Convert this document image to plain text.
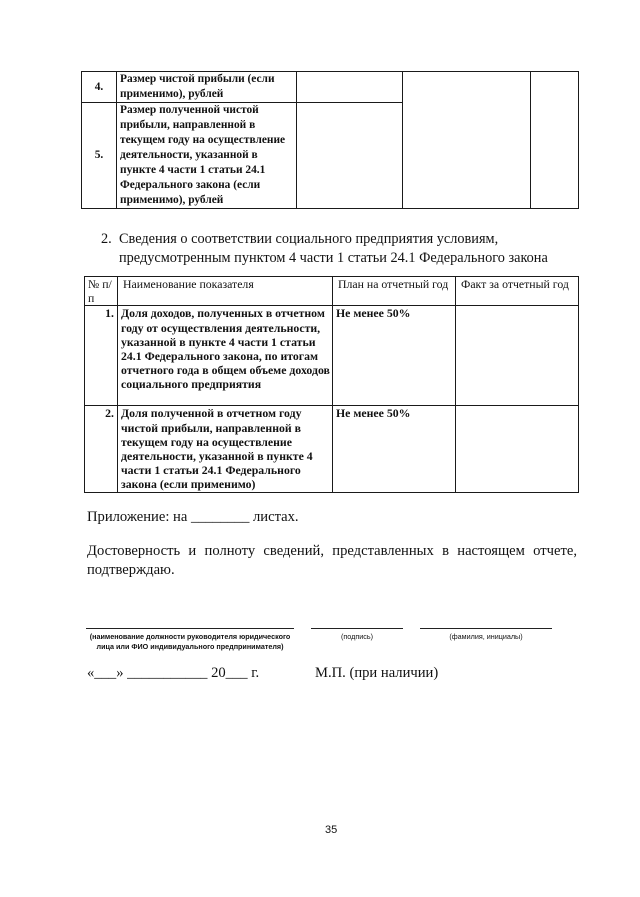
4.	Размер чистой прибыли (если применимо), рублей			
5.	Размер полученной чистой прибыли, направленной в текущем году на осуществление деятельности, указанной в пункте 4 части 1 статьи 24.1 Федерального закона (если применимо), рублей			
2. Сведения о соответствии социального предприятия условиям,
предусмотренным пунктом 4 части 1 статьи 24.1 Федерального закона
№ п/п	Наименование показателя	План на отчетный год	Факт за отчетный год
1.	Доля доходов, полученных в отчетном году от осуществления деятельности, указанной в пункте 4 части 1 статьи 24.1 Федерального закона, по итогам отчетного года в общем объеме доходов социального предприятия	Не менее 50%	
2.	Доля полученной в отчетном году чистой прибыли, направленной в текущем году на осуществление деятельности, указанной в пункте 4 части 1 статьи 24.1 Федерального закона (если применимо)	Не менее 50%	
Приложение: на ________ листах.
Достоверность и полноту сведений, представленных в настоящем отчете,
подтверждаю.
(наименование должности руководителя юридического
лица или ФИО индивидуального предпринимателя)
(подпись)	(фамилия, инициалы)
«___» ___________ 20___ г.	М.П. (при наличии)
35
